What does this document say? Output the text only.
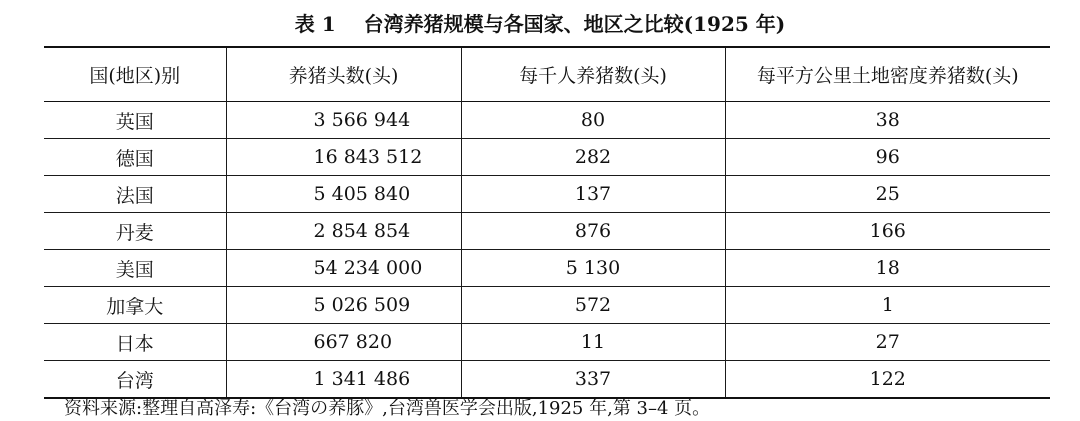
表 1 台湾养猪规模与各国家、地区之比较(1925 年)
国(地区)别	养猪头数(头)	每千人养猪数(头)	每平方公里土地密度养猪数(头)
英国	3 566 944	80	38
德国	16 843 512	282	96
法国	5 405 840	137	25
丹麦	2 854 854	876	166
美国	54 234 000	5 130	18
加拿大	5 026 509	572	1
日本	667 820	11	27
台湾	1 341 486	337	122
资料来源:整理自高泽寿:《台湾の养豚》,台湾兽医学会出版,1925 年,第 3–4 页。
